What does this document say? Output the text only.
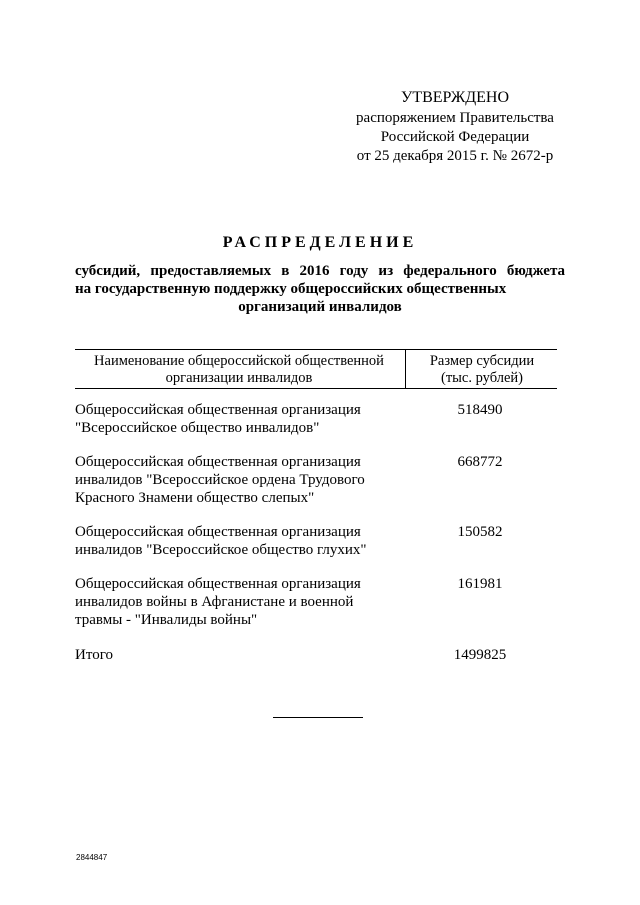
УТВЕРЖДЕНО
распоряжением Правительства
Российской Федерации
от 25 декабря 2015 г. № 2672-р
РАСПРЕДЕЛЕНИЕ
субсидий, предоставляемых в 2016 году из федерального бюджета
на государственную поддержку общероссийских общественных
организаций инвалидов
Наименование общероссийской общественной
организации инвалидов
Размер субсидии
(тыс. рублей)
Общероссийская общественная организация
"Всероссийское общество инвалидов"
518490
Общероссийская общественная организация
инвалидов "Всероссийское ордена Трудового
Красного Знамени общество слепых"
668772
Общероссийская общественная организация
инвалидов "Всероссийское общество глухих"
150582
Общероссийская общественная организация
инвалидов войны в Афганистане и военной
травмы - "Инвалиды войны"
161981
Итого	1499825
2844847
